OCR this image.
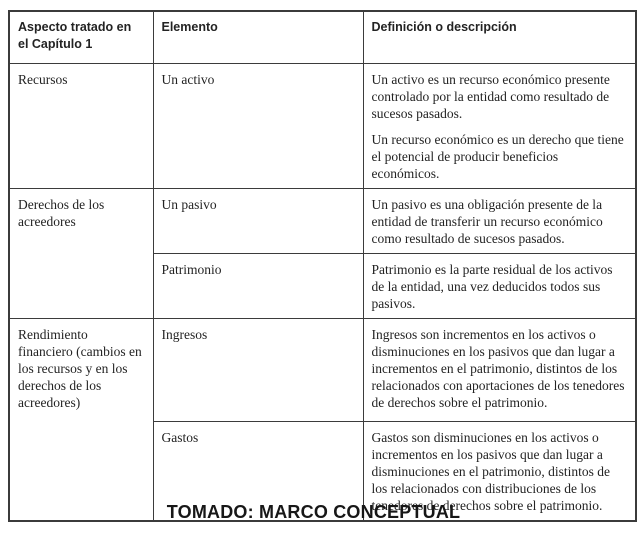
Aspecto tratado en el Capítulo 1	Elemento	Definición o descripción
Recursos	Un activo	Un activo es un recurso económico presente controlado por la entidad como resultado de sucesos pasados.

Un recurso económico es un derecho que tiene el potencial de producir beneficios económicos.

Derechos de los acreedores	Un pasivo	Un pasivo es una obligación presente de la entidad de transferir un recurso económico como resultado de sucesos pasados.

	Patrimonio	Patrimonio es la parte residual de los activos de la entidad, una vez deducidos todos sus pasivos.

Rendimiento financiero (cambios en los recursos y en los derechos de los acreedores)	Ingresos	Ingresos son incrementos en los activos o disminuciones en los pasivos que dan lugar a incrementos en el patrimonio, distintos de los relacionados con aportaciones de los tenedores de derechos sobre el patrimonio.

	Gastos	Gastos son disminuciones en los activos o incrementos en los pasivos que dan lugar a disminuciones en el patrimonio, distintos de los relacionados con distribuciones de los tenedores de derechos sobre el patrimonio.

TOMADO: MARCO CONCEPTUAL
